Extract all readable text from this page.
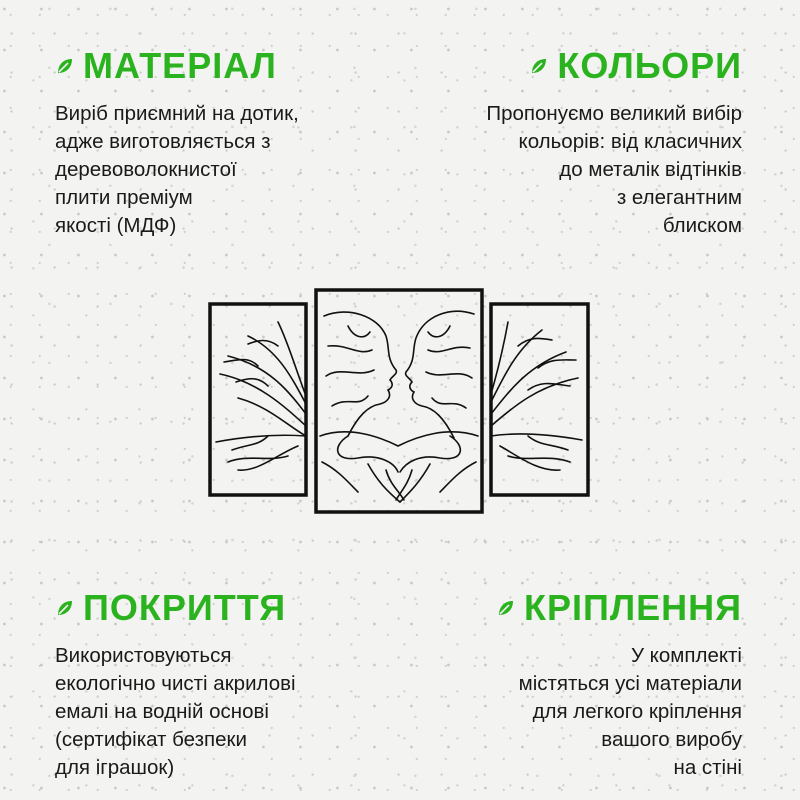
МАТЕРІАЛ
Виріб приємний на дотик,
адже виготовляється з
деревоволокнистої
плити преміум
якості (МДФ)
КОЛЬОРИ
Пропонуємо великий вибір
кольорів: від класичних
до металік відтінків
з елегантним
блиском
ПОКРИТТЯ
Використовуються
екологічно чисті акрилові
емалі на водній основі
(сертифікат безпеки
для іграшок)
КРІПЛЕННЯ
У комплекті
містяться усі матеріали
для легкого кріплення
вашого виробу
на стіні
